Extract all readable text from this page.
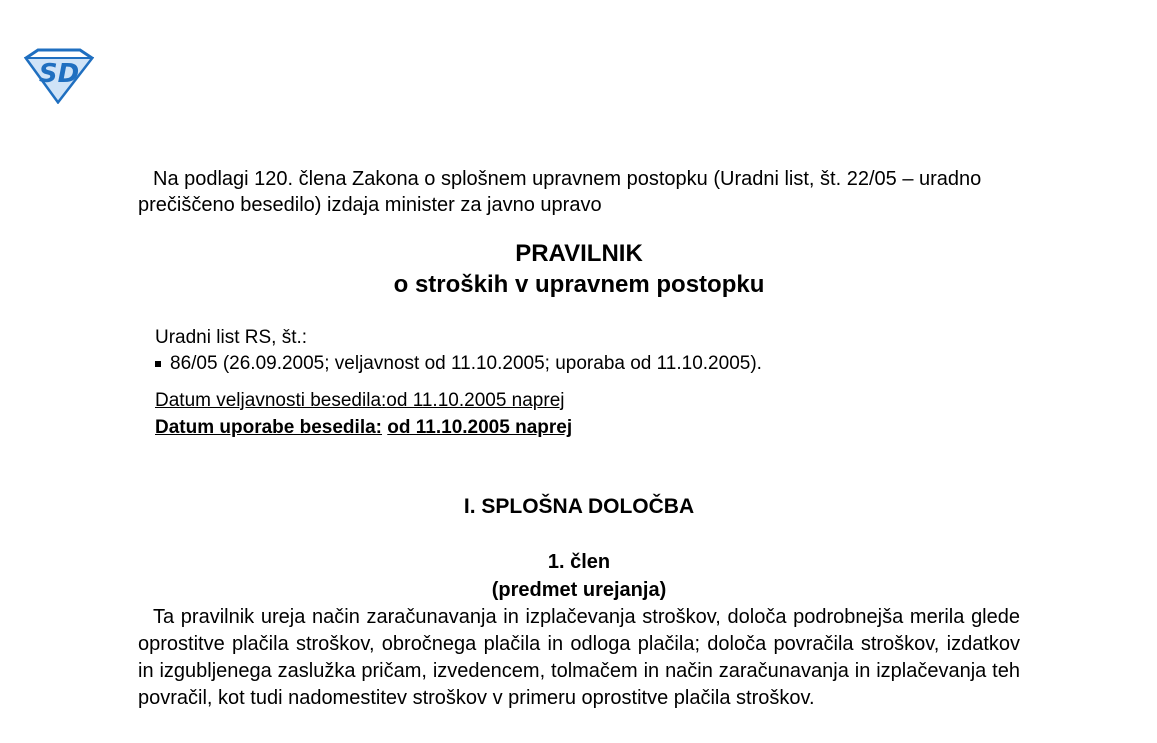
SD

Na podlagi 120. člena Zakona o splošnem upravnem postopku (Uradni list, št. 22/05 – uradno prečiščeno besedilo) izdaja minister za javno upravo

PRAVILNIK
o stroških v upravnem postopku
Uradni list RS, št.:
86/05 (26.09.2005; veljavnost od 11.10.2005; uporaba od 11.10.2005).
Datum veljavnosti besedila:od 11.10.2005 naprej
Datum uporabe besedila: od 11.10.2005 naprej
I. SPLOŠNA DOLOČBA
1. člen
(predmet urejanja)

Ta pravilnik ureja način zaračunavanja in izplačevanja stroškov, določa podrobnejša merila glede oprostitve plačila stroškov, obročnega plačila in odloga plačila; določa povračila stroškov, izdatkov in izgubljenega zaslužka pričam, izvedencem, tolmačem in način zaračunavanja in izplačevanja teh povračil, kot tudi nadomestitev stroškov v primeru oprostitve plačila stroškov.
